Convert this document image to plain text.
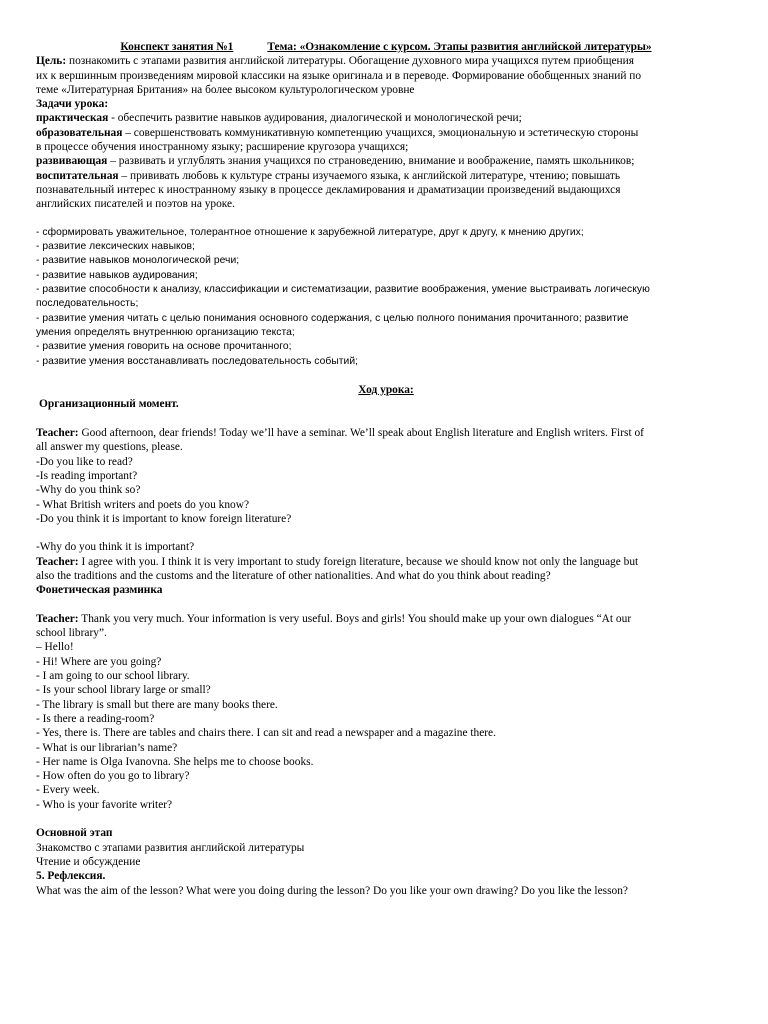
Конспект занятия №1	Тема: «Ознакомление с курсом. Этапы развития английской литературы»
Цель: познакомить с этапами развития английской литературы. Обогащение духовного мира учащихся путем приобщения
их к вершинным произведениям мировой классики на языке оригинала и в переводе. Формирование обобщенных знаний по
теме «Литературная Британия» на более высоком культурологическом уровне
Задачи урока:
практическая - обеспечить развитие навыков аудирования, диалогической и монологической речи;
образовательная – совершенствовать коммуникативную компетенцию учащихся, эмоциональную и эстетическую стороны
в процессе обучения иностранному языку; расширение кругозора учащихся;
развивающая – развивать и углублять знания учащихся по страноведению, внимание и воображение, память школьников;
воспитательная – прививать любовь к культуре страны изучаемого языка, к английской литературе, чтению; повышать
познавательный интерес к иностранному языку в процессе декламирования и драматизации произведений выдающихся
английских писателей и поэтов на уроке.
- сформировать уважительное, толерантное отношение к зарубежной литературе, друг к другу, к мнению других;
- развитие лексических навыков;
- развитие навыков монологической речи;
- развитие навыков аудирования;
- развитие способности к анализу, классификации и систематизации, развитие воображения, умение выстраивать логическую
последовательность;
- развитие умения читать с целью понимания основного содержания, с целью полного понимания прочитанного; развитие
умения определять внутреннюю организацию текста;
- развитие умения говорить на основе прочитанного;
- развитие умения восстанавливать последовательность событий;
Ход урока:
Организационный момент.
Teacher: Good afternoon, dear friends! Today we’ll have a seminar. We’ll speak about English literature and English writers. First of
all answer my questions, please.
-Do you like to read?
-Is reading important?
-Why do you think so?
- What British writers and poets do you know?
-Do you think it is important to know foreign literature?
-Why do you think it is important?
Teacher: I agree with you. I think it is very important to study foreign literature, because we should know not only the language but
also the traditions and the customs and the literature of other nationalities. And what do you think about reading?
Фонетическая разминка
Teacher: Thank you very much. Your information is very useful. Boys and girls! You should make up your own dialogues “At our
school library”.
– Hello!
- Hi! Where are you going?
- I am going to our school library.
- Is your school library large or small?
- The library is small but there are many books there.
- Is there a reading-room?
- Yes, there is. There are tables and chairs there. I can sit and read a newspaper and a magazine there.
- What is our librarian’s name?
- Her name is Olga Ivanovna. She helps me to choose books.
- How often do you go to library?
- Every week.
- Who is your favorite writer?
Основной этап
Знакомство с этапами развития английской литературы
Чтение и обсуждение
5. Рефлексия.
What was the aim of the lesson? What were you doing during the lesson? Do you like your own drawing? Do you like the lesson?
